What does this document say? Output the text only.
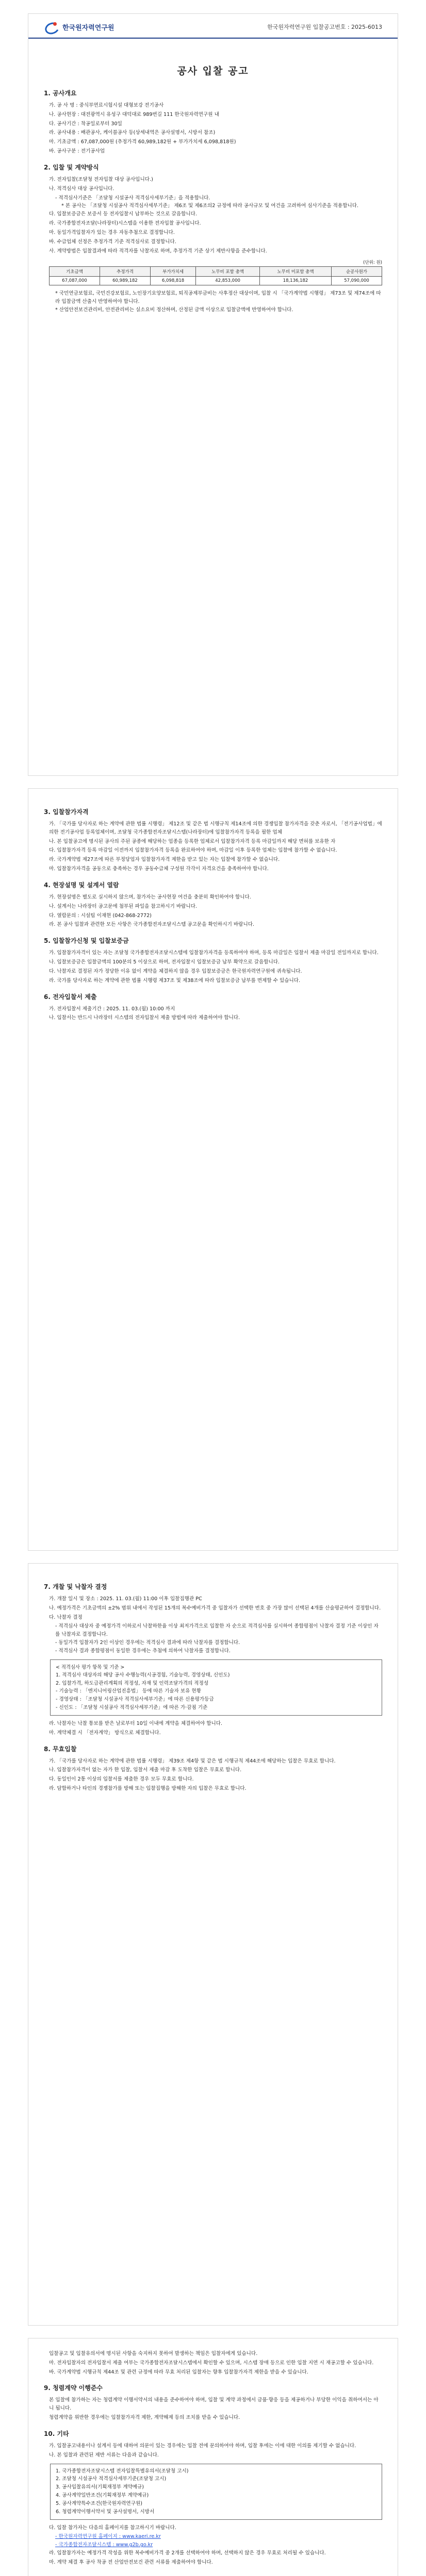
한국원자력연구원	한국원자력연구원 입찰공고번호 : 2025-6013
공사 입찰 공고
1. 공사개요

가. 공 사 명 : 중식부연료시험시설 대형보강 전기공사

나. 공사현장 : 대전광역시 유성구 대덕대로 989번길 111 한국원자력연구원 내

다. 공사기간 : 착공일로부터 30일

라. 공사내용 : 배관공사, 케이블공사 등(상세내역은 공사설명서, 시방서 참조)

마. 기초금액 : 67,087,000원 (추정가격 60,989,182원 + 부가가치세 6,098,818원)

바. 공사구분 : 전기공사업

2. 입찰 및 계약방식

가. 전자입찰(조달청 전자입찰 대상 공사입니다.)

나. 적격심사 대상 공사입니다.

- 적격심사기준은 「조달청 시설공사 적격심사세부기준」을 적용합니다.

* 본 공사는 「조달청 시설공사 적격심사세부기준」 제6조 및 제6조의2 규정에 따라 공사규모 및 여건을 고려하여 심사기준을 적용합니다.

다. 입찰보증금은 보증서 등 전자입찰시 납부하는 것으로 갈음합니다.

라. 국가종합전자조달(나라장터)시스템을 이용한 전자입찰 공사입니다.

마. 동일가격입찰자가 있는 경우 자동추첨으로 결정합니다.

바. 수급업체 선정은 추정가격 기준 적격심사로 결정합니다.

사. 계약방법은 입찰결과에 따라 적격자를 낙찰자로 하며, 추정가격 기준 상기 제반사항을 준수합니다.

(단위: 원)
기초금액	추정가격	부가가치세	노무비 포함 총액	노무비 미포함 총액	순공사원가
67,087,000	60,989,182	6,098,818	42,853,000	18,136,182	57,090,000

* 국민연금보험료, 국민건강보험료, 노인장기요양보험료, 퇴직공제부금비는 사후정산 대상이며, 입찰 시 「국가계약법 시행령」 제73조 및 제74조에 따라 입찰금액 산출시 반영하여야 합니다.

* 산업안전보건관리비, 안전관리비는 실소요비 정산하며, 산정된 금액 이상으로 입찰금액에 반영하여야 합니다.

3. 입찰참가자격

가. 「국가를 당사자로 하는 계약에 관한 법률 시행령」 제12조 및 같은 법 시행규칙 제14조에 의한 경쟁입찰 참가자격을 갖춘 자로서, 「전기공사업법」에 의한 전기공사업 등록업체이며, 조달청 국가종합전자조달시스템(나라장터)에 입찰참가자격 등록을 필한 업체

나. 본 입찰공고에 명시된 공사의 주된 공종에 해당하는 업종을 등록한 업체로서 입찰참가자격 등록 마감일까지 해당 면허를 보유한 자

다. 입찰참가자격 등록 마감일 이전까지 입찰참가자격 등록을 완료하여야 하며, 마감일 이후 등록한 업체는 입찰에 참가할 수 없습니다.

라. 국가계약법 제27조에 따른 부정당업자 입찰참가자격 제한을 받고 있는 자는 입찰에 참가할 수 없습니다.

마. 입찰참가자격을 공동으로 충족하는 경우 공동수급체 구성원 각각이 자격요건을 충족하여야 합니다.

4. 현장설명 및 설계서 열람

가. 현장설명은 별도로 실시하지 않으며, 참가자는 공사현장 여건을 충분히 확인하여야 합니다.

나. 설계서는 나라장터 공고문에 첨부된 파일을 참고하시기 바랍니다.

다. 열람문의 : 시설팀 이재현 (042-868-2772)

라. 본 공사 입찰과 관련한 모든 사항은 국가종합전자조달시스템 공고문을 확인하시기 바랍니다.

5. 입찰참가신청 및 입찰보증금

가. 입찰참가자격이 있는 자는 조달청 국가종합전자조달시스템에 입찰참가자격을 등록하여야 하며, 등록 마감일은 입찰서 제출 마감일 전일까지로 합니다.

나. 입찰보증금은 입찰금액의 100분의 5 이상으로 하며, 전자입찰시 입찰보증금 납부 확약으로 갈음합니다.

다. 낙찰자로 결정된 자가 정당한 이유 없이 계약을 체결하지 않을 경우 입찰보증금은 한국원자력연구원에 귀속됩니다.

라. 국가를 당사자로 하는 계약에 관한 법률 시행령 제37조 및 제38조에 따라 입찰보증금 납부를 면제할 수 있습니다.

6. 전자입찰서 제출

가. 전자입찰서 제출기간 : 2025. 11. 03.(월) 10:00 까지

나. 입찰서는 반드시 나라장터 시스템의 전자입찰서 제출 방법에 따라 제출하여야 합니다.

7. 개찰 및 낙찰자 결정

가. 개찰 일시 및 장소 : 2025. 11. 03.(월) 11:00 이후 입찰집행관 PC

나. 예정가격은 기초금액의 ±2% 범위 내에서 작성된 15개의 복수예비가격 중 입찰자가 선택한 번호 중 가장 많이 선택된 4개를 산술평균하여 결정합니다.

다. 낙찰자 결정

- 적격심사 대상자 중 예정가격 이하로서 낙찰하한율 이상 최저가격으로 입찰한 자 순으로 적격심사를 실시하여 종합평점이 낙찰자 결정 기준 이상인 자를 낙찰자로 결정합니다.

- 동일가격 입찰자가 2인 이상인 경우에는 적격심사 결과에 따라 낙찰자를 결정합니다.

- 적격심사 결과 종합평점이 동일한 경우에는 추첨에 의하여 낙찰자를 결정합니다.

< 적격심사 평가 항목 및 기준 >

1. 적격심사 대상자의 해당 공사 수행능력(시공경험, 기술능력, 경영상태, 신인도)

2. 입찰가격, 하도급관리계획의 적정성, 자재 및 인력조달가격의 적정성

- 기술능력 : 「엔지니어링산업진흥법」 등에 따른 기술자 보유 현황

- 경영상태 : 「조달청 시설공사 적격심사세부기준」에 따른 신용평가등급

- 신인도 : 「조달청 시설공사 적격심사세부기준」에 따른 가·감점 기준

라. 낙찰자는 낙찰 통보를 받은 날로부터 10일 이내에 계약을 체결하여야 합니다.

마. 계약체결 시 「전자계약」 방식으로 체결합니다.

8. 무효입찰

가. 「국가를 당사자로 하는 계약에 관한 법률 시행령」 제39조 제4항 및 같은 법 시행규칙 제44조에 해당하는 입찰은 무효로 합니다.

나. 입찰참가자격이 없는 자가 한 입찰, 입찰서 제출 마감 후 도착한 입찰은 무효로 합니다.

다. 동일인이 2통 이상의 입찰서를 제출한 경우 모두 무효로 합니다.

라. 담합하거나 타인의 경쟁참가를 방해 또는 입찰집행을 방해한 자의 입찰은 무효로 합니다.

입찰공고 및 입찰유의서에 명시된 사항을 숙지하지 못하여 발생하는 책임은 입찰자에게 있습니다.

마. 전자입찰자의 전자입찰서 제출 여부는 국가종합전자조달시스템에서 확인할 수 있으며, 시스템 장애 등으로 인한 입찰 지연 시 재공고할 수 있습니다.

바. 국가계약법 시행규칙 제44조 및 관련 규정에 따라 무효 처리된 입찰자는 향후 입찰참가자격 제한을 받을 수 있습니다.

9. 청렴계약 이행준수

본 입찰에 참가하는 자는 청렴계약 이행서약서의 내용을 준수하여야 하며, 입찰 및 계약 과정에서 금품·향응 등을 제공하거나 부당한 이익을 취하여서는 아니 됩니다.

청렴계약을 위반한 경우에는 입찰참가자격 제한, 계약해제 등의 조치를 받을 수 있습니다.

10. 기타

가. 입찰공고내용이나 설계서 등에 대하여 의문이 있는 경우에는 입찰 전에 문의하여야 하며, 입찰 후에는 이에 대한 이의를 제기할 수 없습니다.

나. 본 입찰과 관련된 제반 서류는 다음과 같습니다.

1. 국가종합전자조달시스템 전자입찰특별유의서(조달청 고시)

2. 조달청 시설공사 적격심사세부기준(조달청 고시)

3. 공사입찰유의서(기획재정부 계약예규)

4. 공사계약일반조건(기획재정부 계약예규)

5. 공사계약특수조건(한국원자력연구원)

6. 청렴계약이행서약서 및 공사설명서, 시방서

다. 입찰 참가자는 다음의 홈페이지를 참고하시기 바랍니다.

- 한국원자력연구원 홈페이지 : www.kaeri.re.kr

- 국가종합전자조달시스템 : www.g2b.go.kr

라. 입찰참가자는 예정가격 작성을 위한 복수예비가격 중 2개를 선택하여야 하며, 선택하지 않은 경우 무효로 처리될 수 있습니다.

마. 계약 체결 후 공사 착공 전 산업안전보건 관련 서류를 제출하여야 합니다.
